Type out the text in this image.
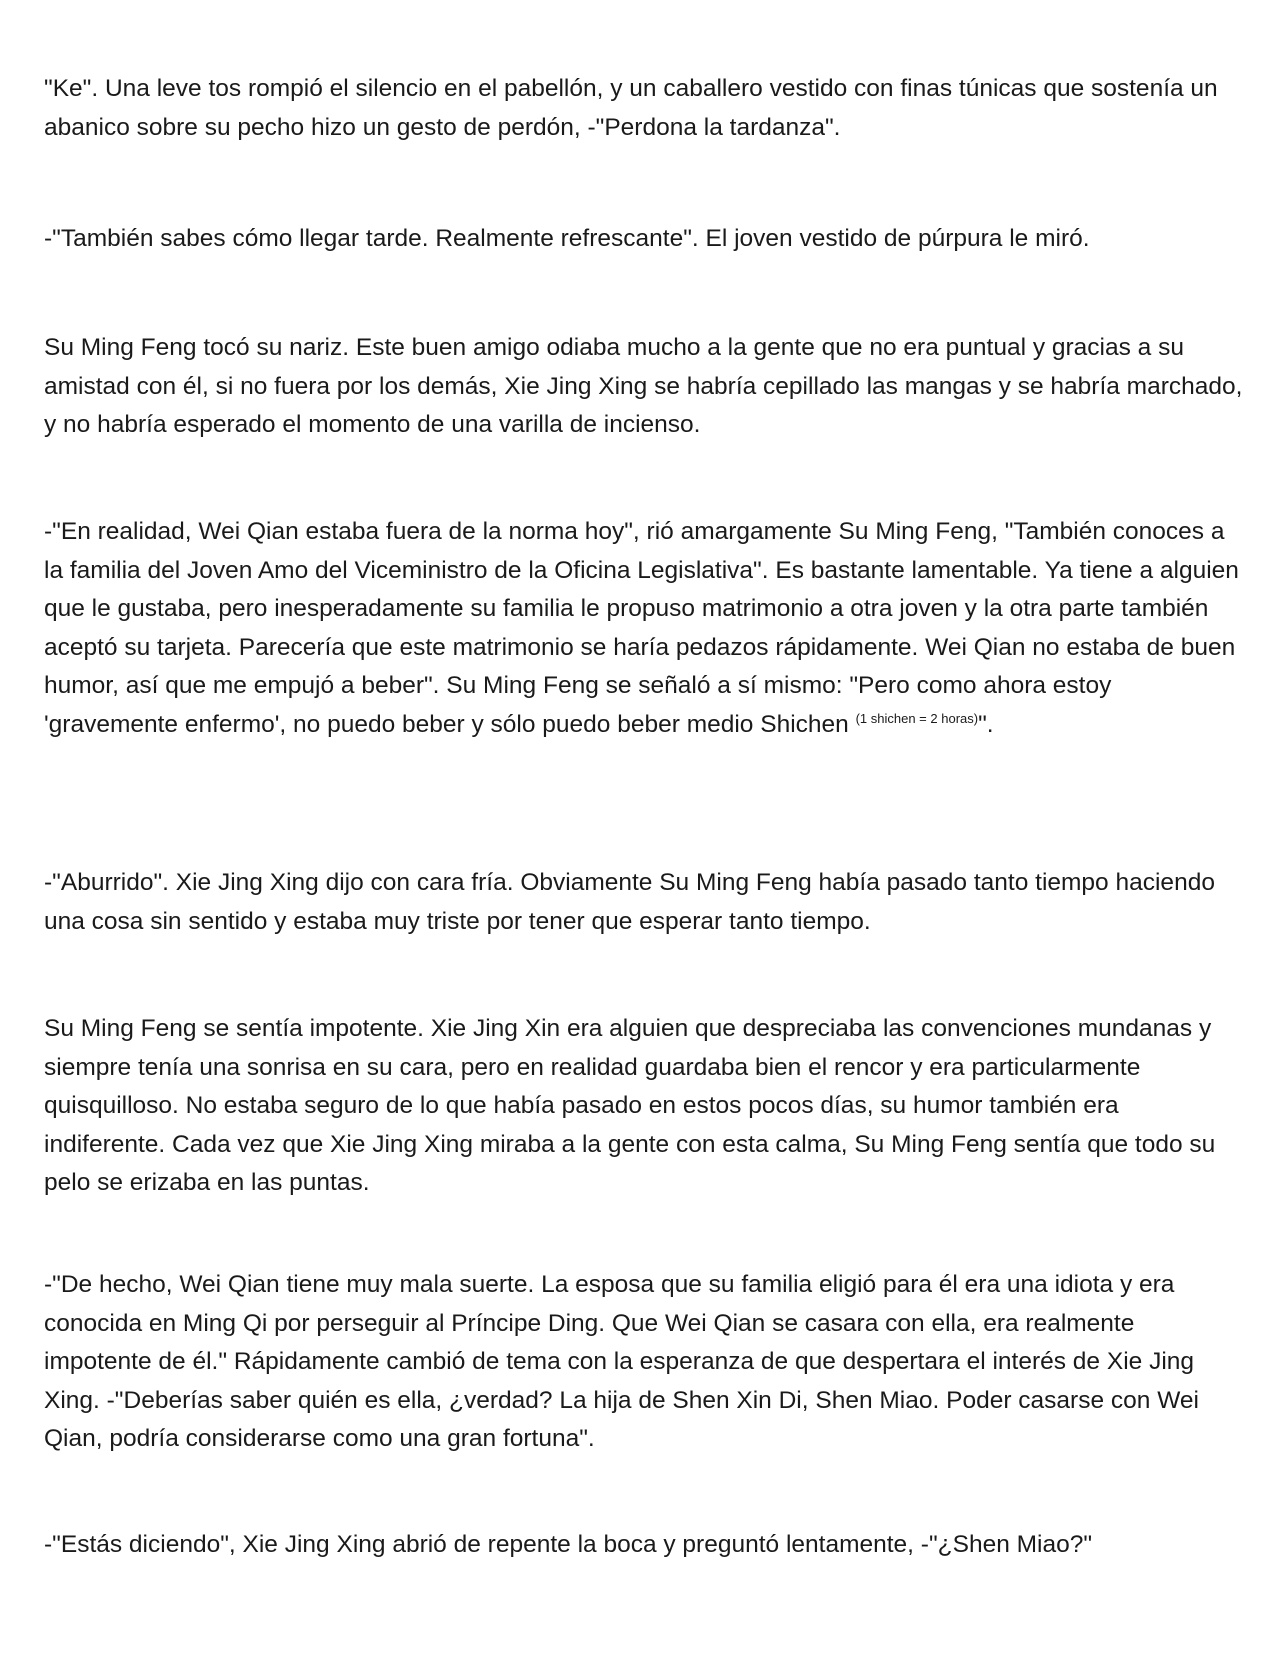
"Ke". Una leve tos rompió el silencio en el pabellón, y un caballero vestido con finas túnicas que sostenía un abanico sobre su pecho hizo un gesto de perdón, -"Perdona la tardanza".

-"También sabes cómo llegar tarde. Realmente refrescante". El joven vestido de púrpura le miró.

Su Ming Feng tocó su nariz. Este buen amigo odiaba mucho a la gente que no era puntual y gracias a su amistad con él, si no fuera por los demás, Xie Jing Xing se habría cepillado las mangas y se habría marchado, y no habría esperado el momento de una varilla de incienso.

-"En realidad, Wei Qian estaba fuera de la norma hoy", rió amargamente Su Ming Feng, "También conoces a la familia del Joven Amo del Viceministro de la Oficina Legislativa". Es bastante lamentable. Ya tiene a alguien que le gustaba, pero inesperadamente su familia le propuso matrimonio a otra joven y la otra parte también aceptó su tarjeta. Parecería que este matrimonio se haría pedazos rápidamente. Wei Qian no estaba de buen humor, así que me empujó a beber". Su Ming Feng se señaló a sí mismo: "Pero como ahora estoy 'gravemente enfermo', no puedo beber y sólo puedo beber medio Shichen $^{(1 shichen = 2 horas)}$".

-"Aburrido". Xie Jing Xing dijo con cara fría. Obviamente Su Ming Feng había pasado tanto tiempo haciendo una cosa sin sentido y estaba muy triste por tener que esperar tanto tiempo.

Su Ming Feng se sentía impotente. Xie Jing Xin era alguien que despreciaba las convenciones mundanas y siempre tenía una sonrisa en su cara, pero en realidad guardaba bien el rencor y era particularmente quisquilloso. No estaba seguro de lo que había pasado en estos pocos días, su humor también era indiferente. Cada vez que Xie Jing Xing miraba a la gente con esta calma, Su Ming Feng sentía que todo su pelo se erizaba en las puntas.

-"De hecho, Wei Qian tiene muy mala suerte. La esposa que su familia eligió para él era una idiota y era conocida en Ming Qi por perseguir al Príncipe Ding. Que Wei Qian se casara con ella, era realmente impotente de él." Rápidamente cambió de tema con la esperanza de que despertara el interés de Xie Jing Xing. -"Deberías saber quién es ella, ¿verdad? La hija de Shen Xin Di, Shen Miao. Poder casarse con Wei Qian, podría considerarse como una gran fortuna".

-"Estás diciendo", Xie Jing Xing abrió de repente la boca y preguntó lentamente, -"¿Shen Miao?"
